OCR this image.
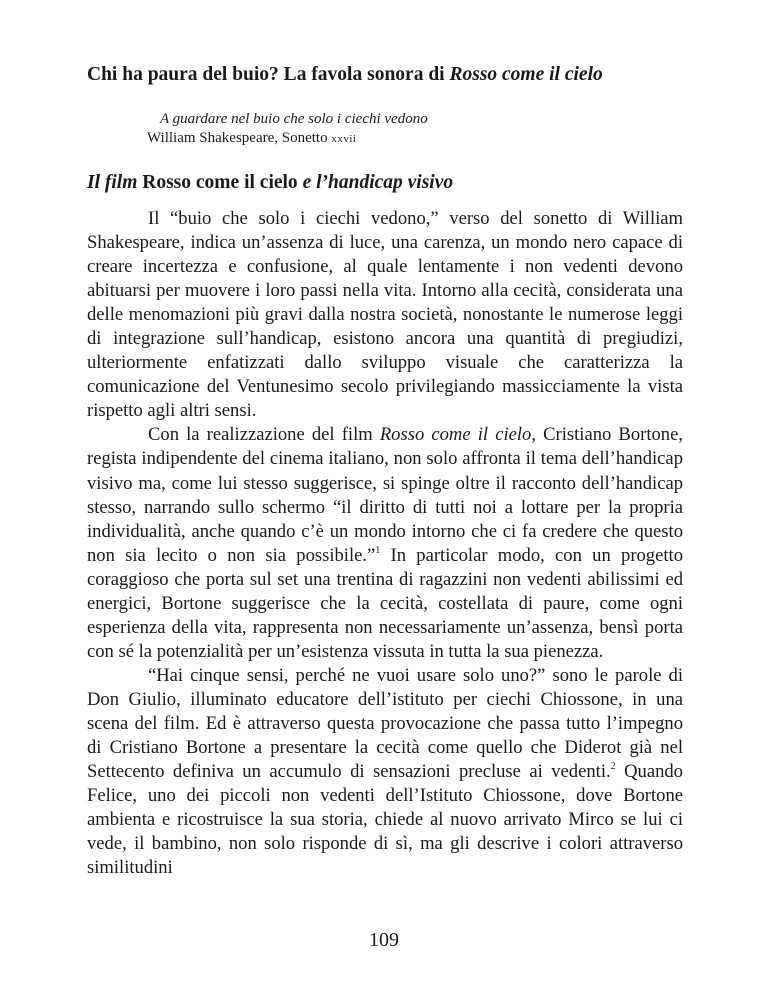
Chi ha paura del buio? La favola sonora di Rosso come il cielo
A guardare nel buio che solo i ciechi vedono
William Shakespeare, Sonetto xxvii
Il film Rosso come il cielo e l’handicap visivo

Il “buio che solo i ciechi vedono,” verso del sonetto di William Shakespeare, indica un’assenza di luce, una carenza, un mondo nero capace di creare incertezza e confusione, al quale lentamente i non vedenti devono abituarsi per muovere i loro passi nella vita. Intorno alla cecità, considerata una delle menomazioni più gravi dalla nostra società, nonostante le numerose leggi di integrazione sull’handicap, esistono ancora una quantità di pregiudizi, ulteriormente enfatizzati dallo sviluppo visuale che caratterizza la comunicazione del Ventunesimo secolo privilegiando massicciamente la vista rispetto agli altri sensi.

Con la realizzazione del film Rosso come il cielo, Cristiano Bortone, regista indipendente del cinema italiano, non solo affronta il tema dell’handicap visivo ma, come lui stesso suggerisce, si spinge oltre il racconto dell’handicap stesso, narrando sullo schermo “il diritto di tutti noi a lottare per la propria individualità, anche quando c’è un mondo intorno che ci fa credere che questo non sia lecito o non sia possibile.”$^1$ In particolar modo, con un progetto coraggioso che porta sul set una trentina di ragazzini non vedenti abilissimi ed energici, Bortone suggerisce che la cecità, costellata di paure, come ogni esperienza della vita, rappresenta non necessariamente un’assenza, bensì porta con sé la potenzialità per un’esistenza vissuta in tutta la sua pienezza.

“Hai cinque sensi, perché ne vuoi usare solo uno?” sono le parole di Don Giulio, illuminato educatore dell’istituto per ciechi Chiossone, in una scena del film. Ed è attraverso questa provocazione che passa tutto l’impegno di Cristiano Bortone a presentare la cecità come quello che Diderot già nel Settecento definiva un accumulo di sensazioni precluse ai vedenti.$^2$ Quando Felice, uno dei piccoli non vedenti dell’Istituto Chiossone, dove Bortone ambienta e ricostruisce la sua storia, chiede al nuovo arrivato Mirco se lui ci vede, il bambino, non solo risponde di sì, ma gli descrive i colori attraverso similitudini

109
